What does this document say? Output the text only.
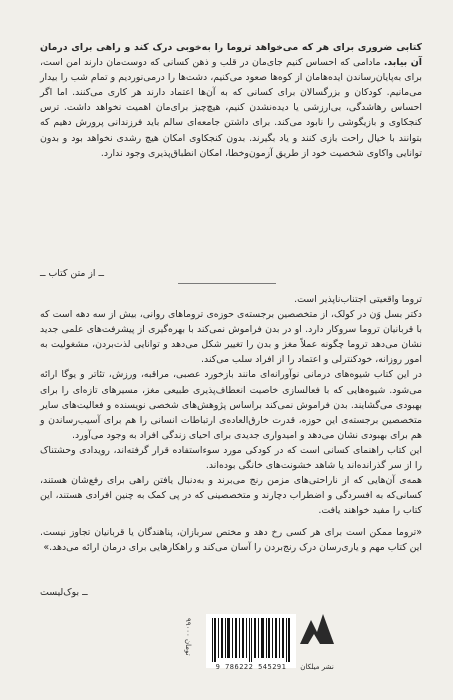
کتابی ضروری برای هر که می‌خواهد تروما را به‌خوبی درک کند و راهی برای درمان آن بیابد. مادامی که احساس کنیم جای‌مان در قلب و ذهن کسانی که دوست‌مان دارند امن است، برای به‌پایان‌رساندن ایده‌هامان از کوه‌ها صعود می‌کنیم، دشت‌ها را درمی‌نوردیم و تمام شب را بیدار می‌مانیم. کودکان و بزرگسالان برای کسانی که به آن‌ها اعتماد دارند هر کاری می‌کنند. اما اگر احساس رهاشدگی، بی‌ارزشی یا دیده‌نشدن کنیم، هیچ‌چیز برای‌مان اهمیت نخواهد داشت. ترس کنجکاوی و بازیگوشی را نابود می‌کند. برای داشتن جامعه‌ای سالم باید فرزندانی پرورش دهیم که بتوانند با خیال راحت بازی کنند و یاد بگیرند. بدون کنجکاوی امکان هیچ رشدی نخواهد بود و بدون توانایی واکاوی شخصیت خود از طریق آزمون‌وخطا، امکان انطباق‌پذیری وجود ندارد.

ــ از متن کتاب ــ

تروما واقعیتی اجتناب‌ناپذیر است.

دکتر بسل وَن در کولک، از متخصصین برجسته‌ی حوزه‌ی تروماهای روانی، بیش از سه دهه است که با قربانیان تروما سروکار دارد. او در بدن فراموش نمی‌کند با بهره‌گیری از پیشرفت‌های علمی جدید نشان می‌دهد تروما چگونه عملاً مغز و بدن را تغییر شکل می‌دهد و توانایی لذت‌بردن، مشغولیت به امور روزانه، خودکنترلی و اعتماد را از افراد سلب می‌کند.

در این کتاب شیوه‌های درمانی نوآورانه‌ای مانند بازخورد عصبی، مراقبه، ورزش، تئاتر و یوگا ارائه می‌شود. شیوه‌هایی که با فعالسازی خاصیت انعطاف‌پذیری طبیعی مغز، مسیرهای تازه‌ای را برای بهبودی می‌گشایند. بدن فراموش نمی‌کند براساس پژوهش‌های شخصی نویسنده و فعالیت‌های سایر متخصصین برجسته‌ی این حوزه، قدرت خارق‌العاده‌ی ارتباطات انسانی را هم برای آسیب‌رساندن و هم برای بهبودی نشان می‌دهد و امیدواری جدیدی برای احیای زندگی افراد به وجود می‌آورد.

این کتاب راهنمای کسانی است که در کودکی مورد سوءاستفاده قرار گرفته‌اند، رویدادی وحشتناک را از سر گذرانده‌اند یا شاهد خشونت‌های خانگی بوده‌اند.

همه‌ی آن‌هایی که از ناراحتی‌های مزمن رنج می‌برند و به‌دنبال یافتن راهی برای رفع‌شان هستند، کسانی‌که به افسردگی و اضطراب دچارند و متخصصینی که در پی کمک به چنین افرادی هستند، این کتاب را مفید خواهند یافت.

«تروما ممکن است برای هر کسی رخ دهد و مختص سربازان، پناهندگان یا قربانیان تجاوز نیست. این کتاب مهم و یاری‌رسان درک رنج‌بردن را آسان می‌کند و راهکارهایی برای درمان ارائه می‌دهد.»

ــ بوک‌لیست
۹۹۰۰۰ تومان
9 786222 545291	نشر میلکان
